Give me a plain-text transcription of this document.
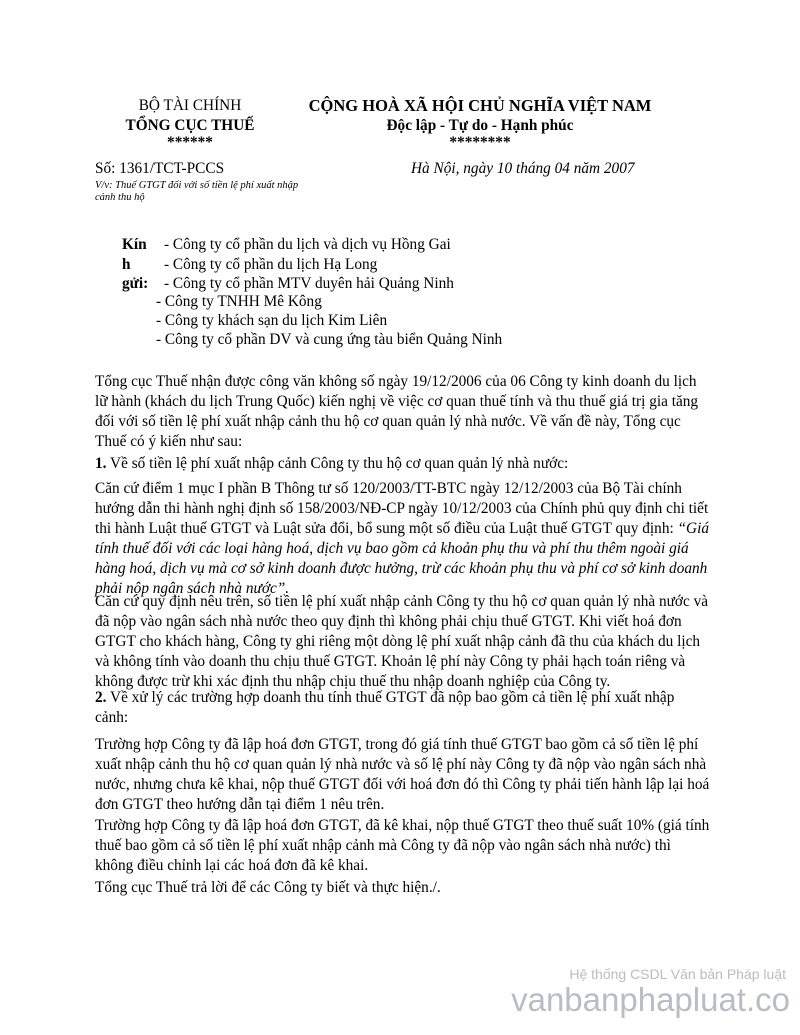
BỘ TÀI CHÍNH
TỔNG CỤC THUẾ
******
CỘNG HOÀ XÃ HỘI CHỦ NGHĨA VIỆT NAM
Độc lập - Tự do - Hạnh phúc
********
Số: 1361/TCT-PCCS
V/v: Thuế GTGT đối với số tiền lệ phí xuất nhập
cảnh thu hộ
Hà Nội, ngày 10 tháng 04 năm 2007
Kín
h
gửi:
- Công ty cổ phần du lịch và dịch vụ Hồng Gai
- Công ty cổ phần du lịch Hạ Long
- Công ty cổ phần MTV duyên hải Quảng Ninh
- Công ty TNHH Mê Kông
- Công ty khách sạn du lịch Kim Liên
- Công ty cổ phần DV và cung ứng tàu biển Quảng Ninh

Tổng cục Thuế nhận được công văn không số ngày 19/12/2006 của 06 Công ty kinh doanh du lịch lữ hành (khách du lịch Trung Quốc) kiến nghị về việc cơ quan thuế tính và thu thuế giá trị gia tăng đối với số tiền lệ phí xuất nhập cảnh thu hộ cơ quan quản lý nhà nước. Về vấn đề này, Tổng cục Thuế có ý kiến như sau:

1. Về số tiền lệ phí xuất nhập cảnh Công ty thu hộ cơ quan quản lý nhà nước:

Căn cứ điểm 1 mục I phần B Thông tư số 120/2003/TT-BTC ngày 12/12/2003 của Bộ Tài chính hướng dẫn thi hành nghị định số 158/2003/NĐ-CP ngày 10/12/2003 của Chính phủ quy định chi tiết thi hành Luật thuế GTGT và Luật sửa đổi, bổ sung một số điều của Luật thuế GTGT quy định: “Giá tính thuế đối với các loại hàng hoá, dịch vụ bao gồm cả khoản phụ thu và phí thu thêm ngoài giá hàng hoá, dịch vụ mà cơ sở kinh doanh được hưởng, trừ các khoản phụ thu và phí cơ sở kinh doanh phải nộp ngân sách nhà nước”.

Căn cứ quy định nêu trên, số tiền lệ phí xuất nhập cảnh Công ty thu hộ cơ quan quản lý nhà nước và đã nộp vào ngân sách nhà nước theo quy định thì không phải chịu thuế GTGT. Khi viết hoá đơn GTGT cho khách hàng, Công ty ghi riêng một dòng lệ phí xuất nhập cảnh đã thu của khách du lịch và không tính vào doanh thu chịu thuế GTGT. Khoản lệ phí này Công ty phải hạch toán riêng và không được trừ khi xác định thu nhập chịu thuế thu nhập doanh nghiệp của Công ty.

2. Về xử lý các trường hợp doanh thu tính thuế GTGT đã nộp bao gồm cả tiền lệ phí xuất nhập cảnh:

Trường hợp Công ty đã lập hoá đơn GTGT, trong đó giá tính thuế GTGT bao gồm cả số tiền lệ phí xuất nhập cảnh thu hộ cơ quan quản lý nhà nước và số lệ phí này Công ty đã nộp vào ngân sách nhà nước, nhưng chưa kê khai, nộp thuế GTGT đối với hoá đơn đó thì Công ty phải tiến hành lập lại hoá đơn GTGT theo hướng dẫn tại điểm 1 nêu trên.

Trường hợp Công ty đã lập hoá đơn GTGT, đã kê khai, nộp thuế GTGT theo thuế suất 10% (giá tính thuế bao gồm cả số tiền lệ phí xuất nhập cảnh mà Công ty đã nộp vào ngân sách nhà nước) thì không điều chỉnh lại các hoá đơn đã kê khai.

Tổng cục Thuế trả lời để các Công ty biết và thực hiện./.

Hệ thống CSDL Văn bản Pháp luật
vanbanphapluat.co
